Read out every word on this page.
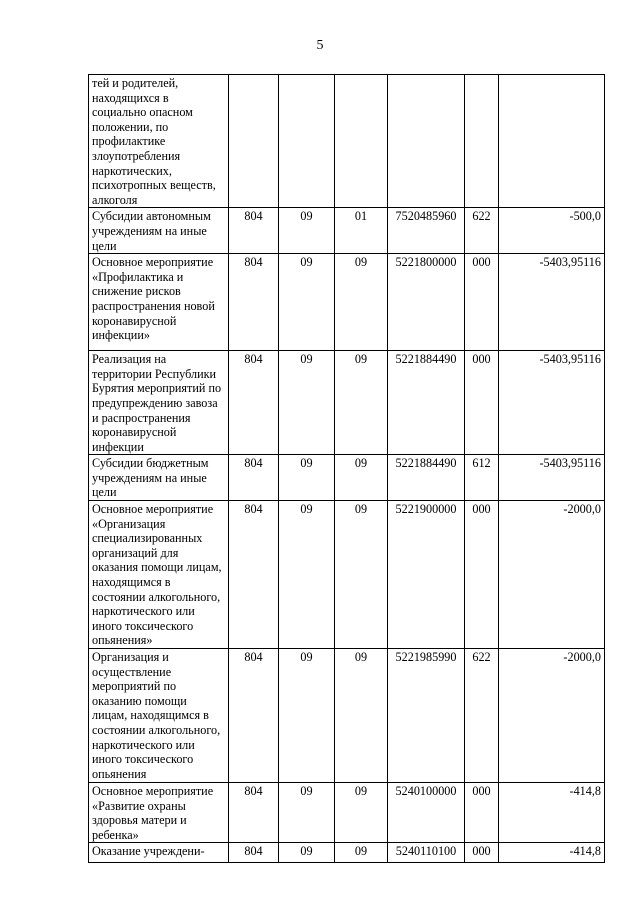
5
тей и родителей, находящихся в социально опасном положении, по профилактике злоупотребления наркотических, психотропных веществ, алкоголя						
Субсидии автономным учреждениям на иные цели	804	09	01	7520485960	622	-500,0
Основное мероприятие «Профилактика и снижение рисков распространения новой коронавирусной инфекции»	804	09	09	5221800000	000	-5403,95116
Реализация на территории Республики Бурятия мероприятий по предупреждению завоза и распространения коронавирусной инфекции	804	09	09	5221884490	000	-5403,95116
Субсидии бюджетным учреждениям на иные цели	804	09	09	5221884490	612	-5403,95116
Основное мероприятие «Организация специализированных организаций для оказания помощи лицам, находящимся в состоянии алкогольного, наркотического или иного токсического опьянения»	804	09	09	5221900000	000	-2000,0
Организация и осуществление мероприятий по оказанию помощи лицам, находящимся в состоянии алкогольного, наркотического или иного токсического опьянения	804	09	09	5221985990	622	-2000,0
Основное мероприятие «Развитие охраны здоровья матери и ребенка»	804	09	09	5240100000	000	-414,8
Оказание учреждени-	804	09	09	5240110100	000	-414,8
